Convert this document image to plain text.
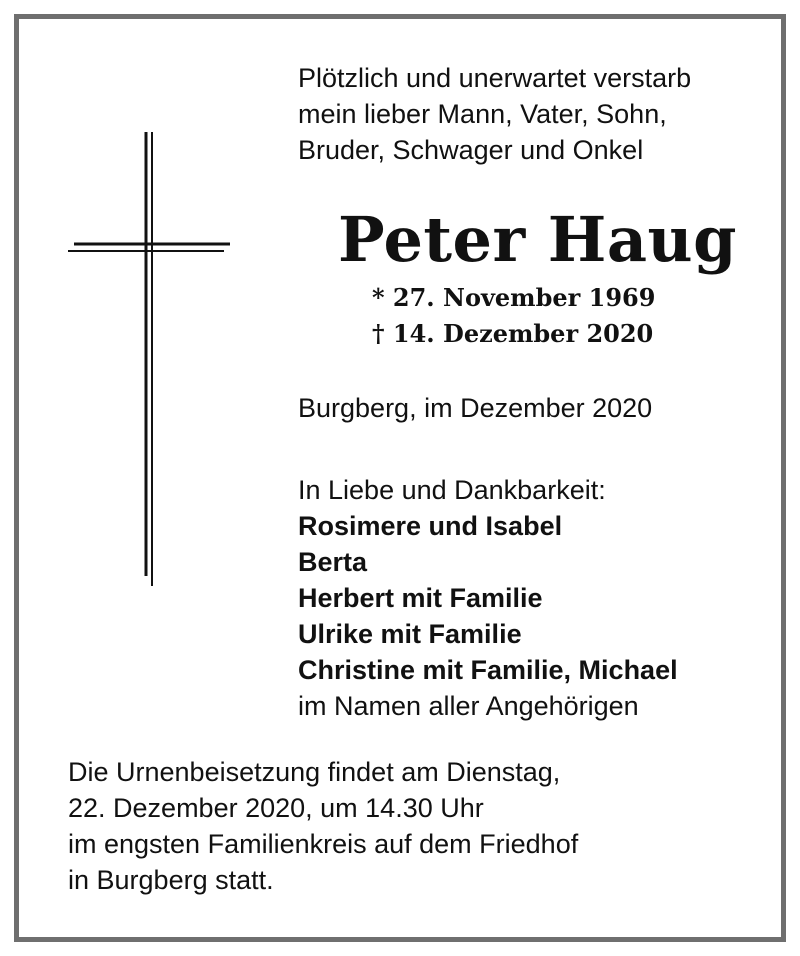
Plötzlich und unerwartet verstarb
mein lieber Mann, Vater, Sohn,
Bruder, Schwager und Onkel
Peter Haug
* 27. November 1969
† 14. Dezember 2020
Burgberg, im Dezember 2020
In Liebe und Dankbarkeit:
Rosimere und Isabel
Berta
Herbert mit Familie
Ulrike mit Familie
Christine mit Familie, Michael
im Namen aller Angehörigen
Die Urnenbeisetzung findet am Dienstag,
22. Dezember 2020, um 14.30 Uhr
im engsten Familienkreis auf dem Friedhof
in Burgberg statt.
